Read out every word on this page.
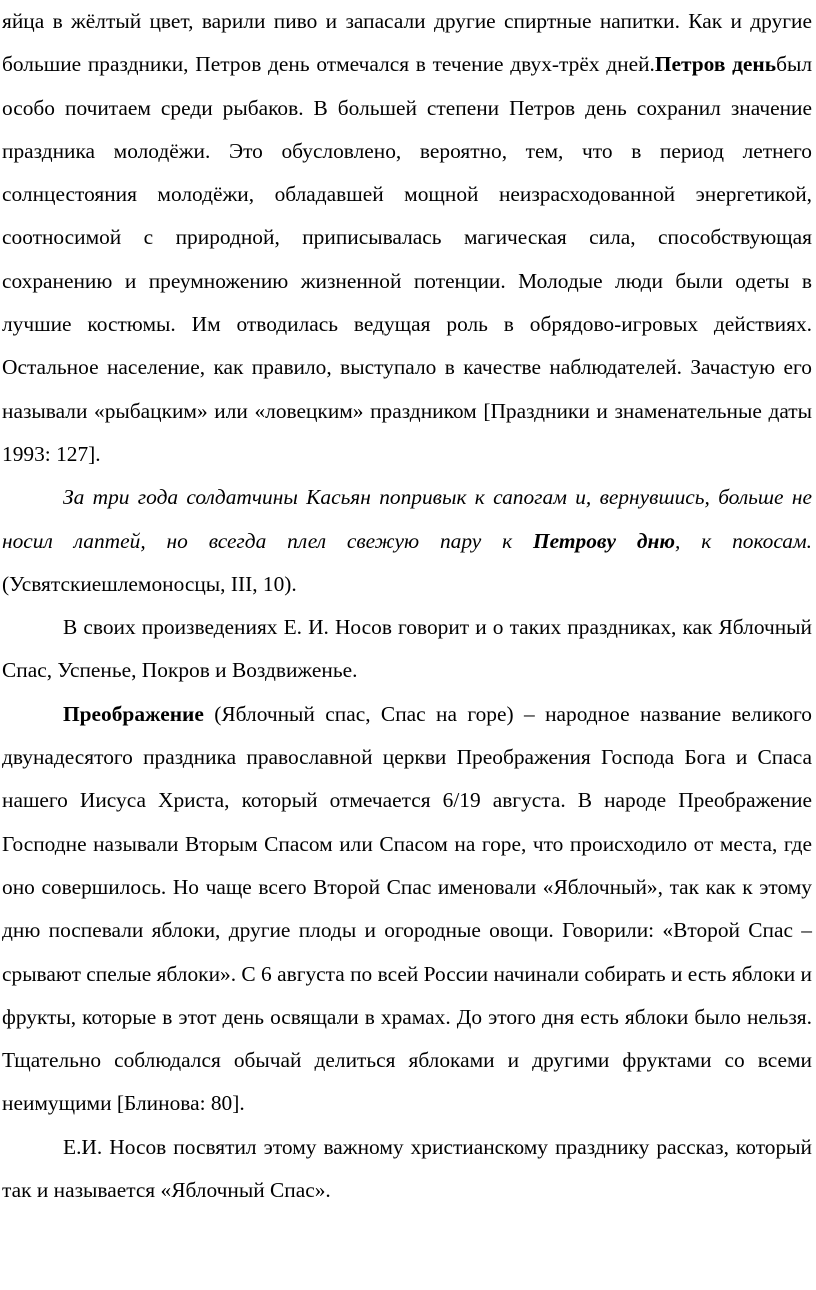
яйца в жёлтый цвет, варили пиво и запасали другие спиртные напитки. Как и другие большие праздники, Петров день отмечался в течение двух-трёх дней.Петров деньбыл особо почитаем среди рыбаков. В большей степени Петров день сохранил значение праздника молодёжи. Это обусловлено, вероятно, тем, что в период летнего солнцестояния молодёжи, обладавшей мощной неизрасходованной энергетикой, соотносимой с природной, приписывалась магическая сила, способствующая сохранению и преумножению жизненной потенции. Молодые люди были одеты в лучшие костюмы. Им отводилась ведущая роль в обрядово-игровых действиях. Остальное население, как правило, выступало в качестве наблюдателей. Зачастую его называли «рыбацким» или «ловецким» праздником [Праздники и знаменательные даты 1993: 127].

За три года солдатчины Касьян попривык к сапогам и, вернувшись, больше не носил лаптей, но всегда плел свежую пару к Петрову дню, к покосам. (Усвятскиешлемоносцы, III, 10).

В своих произведениях Е. И. Носов говорит и о таких праздниках, как Яблочный Спас, Успенье, Покров и Воздвиженье.

Преображение (Яблочный спас, Спас на горе) – народное название великого двунадесятого праздника православной церкви Преображения Господа Бога и Спаса нашего Иисуса Христа, который отмечается 6/19 августа. В народе Преображение Господне называли Вторым Спасом или Спасом на горе, что происходило от места, где оно совершилось. Но чаще всего Второй Спас именовали «Яблочный», так как к этому дню поспевали яблоки, другие плоды и огородные овощи. Говорили: «Второй Спас – срывают спелые яблоки». С 6 августа по всей России начинали собирать и есть яблоки и фрукты, которые в этот день освящали в храмах. До этого дня есть яблоки было нельзя. Тщательно соблюдался обычай делиться яблоками и другими фруктами со всеми неимущими [Блинова: 80].

Е.И. Носов посвятил этому важному христианскому празднику рассказ, который так и называется «Яблочный Спас».
